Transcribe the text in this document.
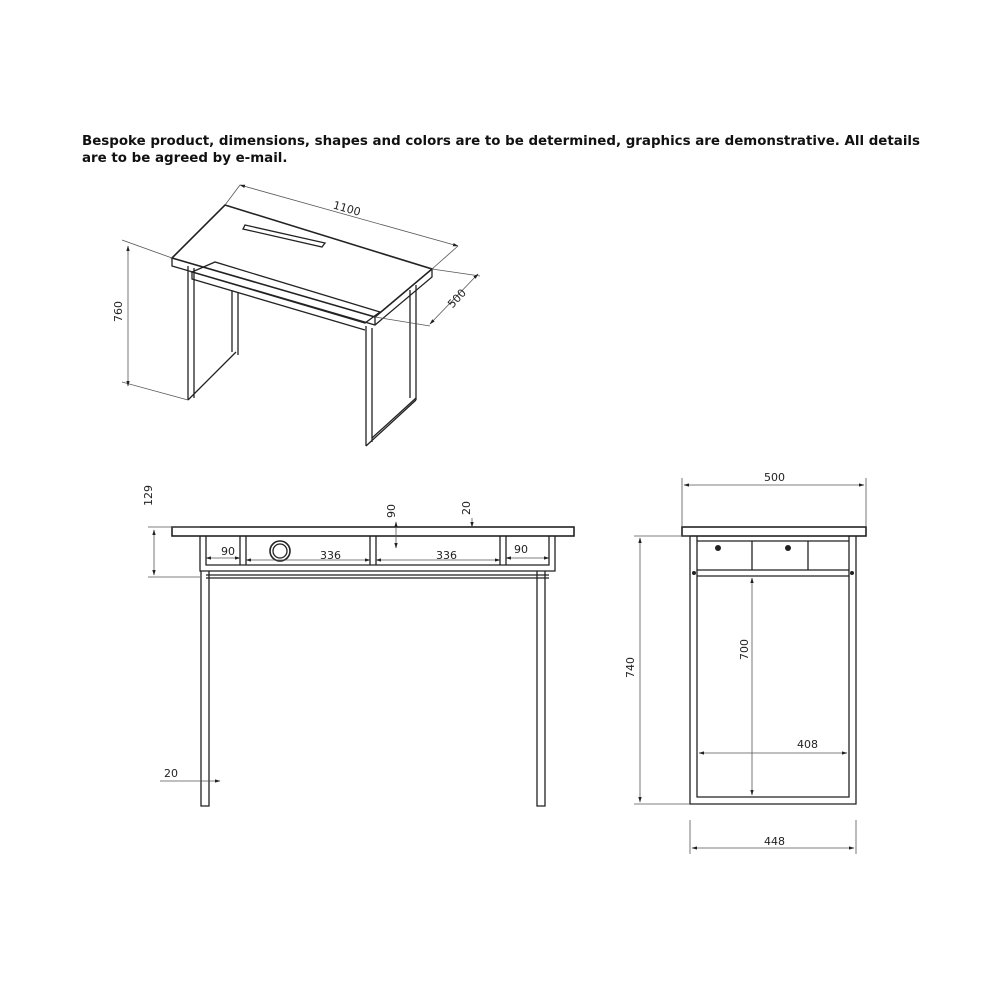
Bespoke product, dimensions, shapes and colors are to be determined, graphics are demonstrative. All details are to be agreed by e-mail.

1100
500
760
129
90	336	336	90
90	20
20
500
740
700
408
448
